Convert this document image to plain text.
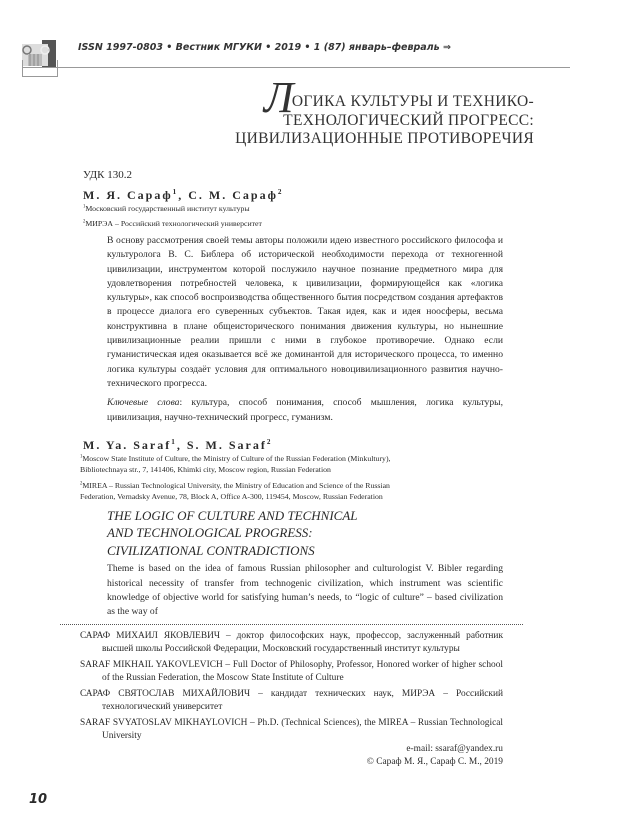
ISSN 1997-0803 • Вестник МГУКИ • 2019 • 1 (87) январь–февраль ⇒
ЛОГИКА КУЛЬТУРЫ И ТЕХНИКО-
ТЕХНОЛОГИЧЕСКИЙ ПРОГРЕСС:
ЦИВИЛИЗАЦИОННЫЕ ПРОТИВОРЕЧИЯ
УДК 130.2
М. Я. Сараф$^1$, С. М. Сараф$^2$
$^1$Московский государственный институт культуры
$^2$МИРЭА – Российский технологический университет
В основу рассмотрения своей темы авторы положили идею известного российского философа и культуролога В. С. Библера об исторической необходимости перехода от техногенной цивилизации, инструментом которой послужило научное познание предметного мира для удовлетворения потребностей человека, к цивилизации, формирующейся как «логика культуры», как способ воспроизводства общественного бытия посредством создания артефактов в процессе диалога его суверенных субъектов. Такая идея, как и идея ноосферы, весьма конструктивна в плане общеисторического понимания движения культуры, но нынешние цивилизационные реалии пришли с ними в глубокое противоречие. Однако если гуманистическая идея оказывается всё же доминантой для исторического процесса, то именно логика культуры создаёт условия для оптимального новоцивилизационного развития научно-технического прогресса.
Ключевые слова: культура, способ понимания, способ мышления, логика культуры, цивилизация, научно-технический прогресс, гуманизм.
M. Ya. Saraf$^1$, S. M. Saraf$^2$
$^1$Moscow State Institute of Culture, the Ministry of Culture of the Russian Federation (Minkultury),
Bibliotechnaya str., 7, 141406, Khimki city, Moscow region, Russian Federation
$^2$MIREA – Russian Technological University, the Ministry of Education and Science of the Russian
Federation, Vernadsky Avenue, 78, Block A, Office A-300, 119454, Moscow, Russian Federation
THE LOGIC OF CULTURE AND TECHNICAL
AND TECHNOLOGICAL PROGRESS:
CIVILIZATIONAL CONTRADICTIONS
Theme is based on the idea of famous Russian philosopher and culturologist V. Bibler regarding historical necessity of transfer from technogenic civilization, which instrument was scientific knowledge of objective world for satisfying human’s needs, to “logic of culture” – based civilization as the way of
САРАФ МИХАИЛ ЯКОВЛЕВИЧ – доктор философских наук, профессор, заслуженный работник высшей школы Российской Федерации, Московский государственный институт культуры
SARAF MIKHAIL YAKOVLEVICH – Full Doctor of Philosophy, Professor, Honored worker of higher school of the Russian Federation, the Moscow State Institute of Culture
САРАФ СВЯТОСЛАВ МИХАЙЛОВИЧ – кандидат технических наук, МИРЭА – Российский технологический университет
SARAF SVYATOSLAV MIKHAYLOVICH – Ph.D. (Technical Sciences), the MIREA – Russian Technological University
e-mail: ssaraf@yandex.ru
© Сараф М. Я., Сараф С. М., 2019
10
